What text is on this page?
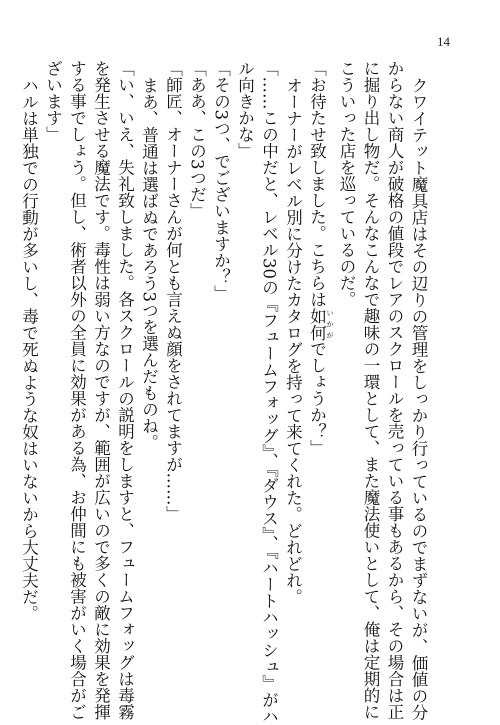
14
クワイテット魔具店はその辺りの管理をしっかり行っているのでまずないが、価値の分
からない商人が破格の値段でレアのスクロールを売っている事もあるから、その場合は正
に掘り出し物だ。そんなこんなで趣味の一環として、また魔法使いとして、俺は定期的に
こういった店を巡っているのだ。
「お待たせ致しました。こちらは如何 いかがでしょうか？」
オーナーがレベル別に分けたカタログを持って来てくれた。どれどれ。
「……この中だと、レベル30の『フュームフォッグ』、『ダウス』、『ハートハッシュ』がハ
ル向きかな」
「その3つ、でございますか？」
「ああ、この3つだ」
「師匠、オーナーさんが何とも言えぬ顔をされてますが……」
まあ、普通は選ばぬであろう3つを選んだものね。
「い、いえ、失礼致しました。各スクロールの説明をしますと、フュームフォッグは毒霧
を発生させる魔法です。毒性は弱い方なのですが、範囲が広いので多くの敵に効果を発揮
する事でしょう。但し、術者以外の全員に効果がある為、お仲間にも被害がいく場合がご
ざいます」
ハルは単独での行動が多いし、毒で死ぬような奴はいないから大丈夫だ。
